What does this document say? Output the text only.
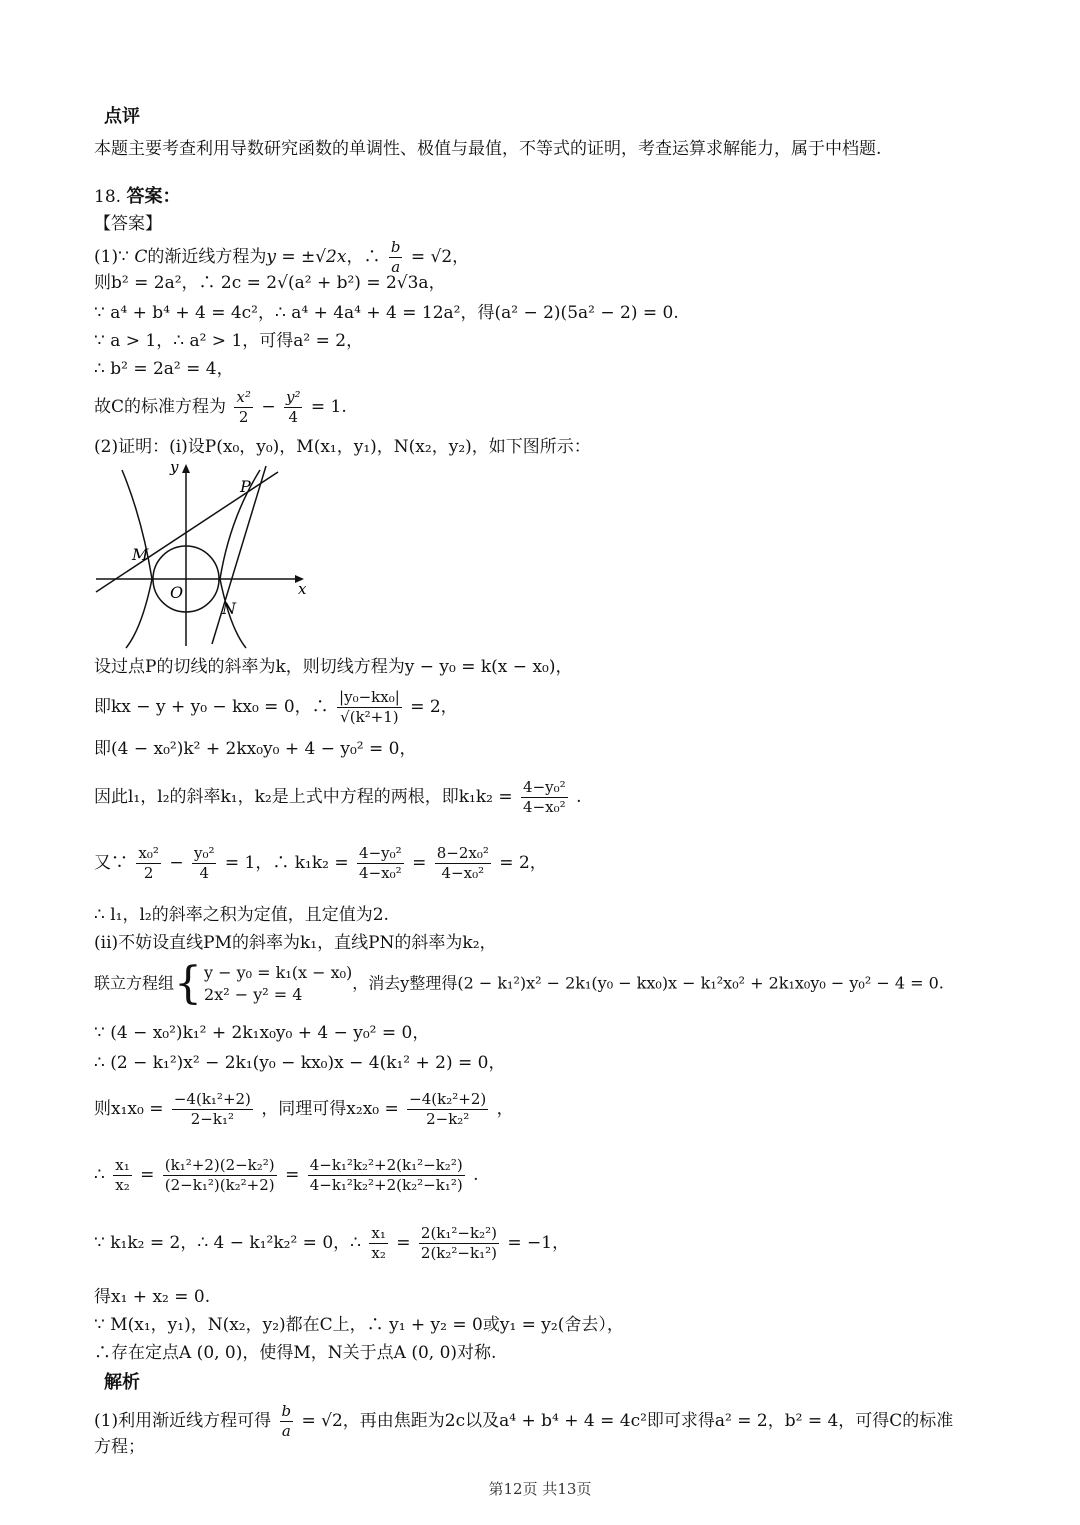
点评
本题主要考查利用导数研究函数的单调性、极值与最值，不等式的证明，考查运算求解能力，属于中档题.
18. 答案：
【答案】
(1)∵ C的渐近线方程为y = ±√2x，∴ $\frac{b}{a} = √2$，
则b² = 2a²，∴ 2c = 2√(a² + b²) = 2√3a，
∵ a⁴ + b⁴ + 4 = 4c²，∴ a⁴ + 4a⁴ + 4 = 12a²，得(a² − 2)(5a² − 2) = 0.
∵ a > 1，∴ a² > 1，可得a² = 2，
∴ b² = 2a² = 4，
故C的标准方程为 $\frac{\text{x²}}{2} - \frac{\text{y²}}{4} = 1$.
(2)证明：(i)设P(x₀，y₀)，M(x₁，y₁)，N(x₂，y₂)，如下图所示：
y
x
P
M
O
N
设过点P的切线的斜率为k，则切线方程为y − y₀ = k(x − x₀)，
即kx − y + y₀ − kx₀ = 0，∴ $\frac{\text{|y₀−kx₀|}}{\text{√(k²+1)}} = 2$，
即(4 − x₀²)k² + 2kx₀y₀ + 4 − y₀² = 0，
因此l₁，l₂的斜率k₁，k₂是上式中方程的两根，即$k_1k_2 = \frac{\text{4−y₀²}}{\text{4−x₀²}}$ .
又∵ $\frac{\text{x₀²}}{2} - \frac{\text{y₀²}}{4} = 1$，∴ $k_1k_2 = \frac{\text{4−y₀²}}{\text{4−x₀²}} = \frac{\text{8−2x₀²}}{\text{4−x₀²}} = 2$，
∴ l₁，l₂的斜率之积为定值，且定值为2.
(ii)不妨设直线PM的斜率为k₁，直线PN的斜率为k₂，
联立方程组 { y − y₀ = k₁(x − x₀)
2x² − y² = 4
，消去y整理得(2 − k₁²)x² − 2k₁(y₀ − kx₀)x − k₁²x₀² + 2k₁x₀y₀ − y₀² − 4 = 0.
∵ (4 − x₀²)k₁² + 2k₁x₀y₀ + 4 − y₀² = 0，
∴ (2 − k₁²)x² − 2k₁(y₀ − kx₀)x − 4(k₁² + 2) = 0，
则$x_1x_0 = \frac{\text{−4(k₁²+2)}}{\text{2−k₁²}}$ ，同理可得$x_2x_0 = \frac{\text{−4(k₂²+2)}}{\text{2−k₂²}}$ ，
∴ $\frac{\text{x₁}}{\text{x₂}} = \frac{\text{(k₁²+2)(2−k₂²)}}{\text{(2−k₁²)(k₂²+2)}} = \frac{\text{4−k₁²k₂²+2(k₁²−k₂²)}}{\text{4−k₁²k₂²+2(k₂²−k₁²)}}$ .
∵ k₁k₂ = 2，∴ 4 − k₁²k₂² = 0，∴ $\frac{\text{x₁}}{\text{x₂}} = \frac{\text{2(k₁²−k₂²)}}{\text{2(k₂²−k₁²)}} = -1$，
得x₁ + x₂ = 0.
∵ M(x₁，y₁)，N(x₂，y₂)都在C上，∴ y₁ + y₂ = 0或y₁ = y₂(舍去），
∴存在定点A (0, 0)，使得M，N关于点A (0, 0)对称.
解析
(1)利用渐近线方程可得 $\frac{b}{a} = √2$，再由焦距为2c以及a⁴ + b⁴ + 4 = 4c²即可求得a² = 2，b² = 4，可得C的标准
方程；
第12页 共13页
